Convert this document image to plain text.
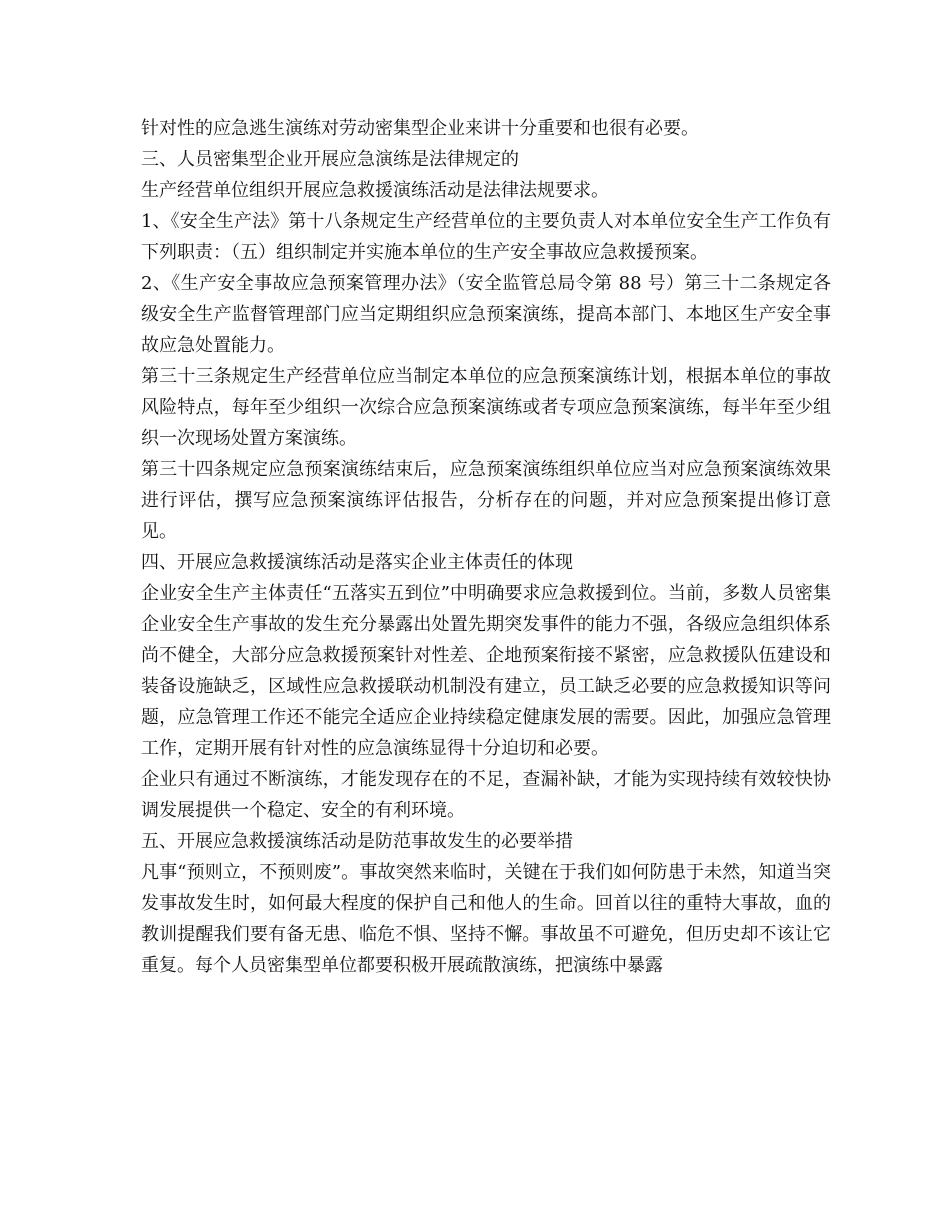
针对性的应急逃生演练对劳动密集型企业来讲十分重要和也很有必要。

三、人员密集型企业开展应急演练是法律规定的

生产经营单位组织开展应急救援演练活动是法律法规要求。

1、《安全生产法》第十八条规定生产经营单位的主要负责人对本单位安全生产工作负有下列职责：（五）组织制定并实施本单位的生产安全事故应急救援预案。

2、《生产安全事故应急预案管理办法》（安全监管总局令第 88 号）第三十二条规定各级安全生产监督管理部门应当定期组织应急预案演练，提高本部门、本地区生产安全事故应急处置能力。

第三十三条规定生产经营单位应当制定本单位的应急预案演练计划，根据本单位的事故风险特点，每年至少组织一次综合应急预案演练或者专项应急预案演练，每半年至少组织一次现场处置方案演练。

第三十四条规定应急预案演练结束后，应急预案演练组织单位应当对应急预案演练效果进行评估，撰写应急预案演练评估报告，分析存在的问题，并对应急预案提出修订意见。

四、开展应急救援演练活动是落实企业主体责任的体现

企业安全生产主体责任“五落实五到位”中明确要求应急救援到位。当前，多数人员密集企业安全生产事故的发生充分暴露出处置先期突发事件的能力不强，各级应急组织体系尚不健全，大部分应急救援预案针对性差、企地预案衔接不紧密，应急救援队伍建设和装备设施缺乏，区域性应急救援联动机制没有建立，员工缺乏必要的应急救援知识等问题，应急管理工作还不能完全适应企业持续稳定健康发展的需要。因此，加强应急管理工作，定期开展有针对性的应急演练显得十分迫切和必要。

企业只有通过不断演练，才能发现存在的不足，查漏补缺，才能为实现持续有效较快协调发展提供一个稳定、安全的有利环境。

五、开展应急救援演练活动是防范事故发生的必要举措

凡事“预则立，不预则废”。事故突然来临时，关键在于我们如何防患于未然，知道当突发事故发生时，如何最大程度的保护自己和他人的生命。回首以往的重特大事故，血的教训提醒我们要有备无患、临危不惧、坚持不懈。事故虽不可避免，但历史却不该让它重复。每个人员密集型单位都要积极开展疏散演练，把演练中暴露
